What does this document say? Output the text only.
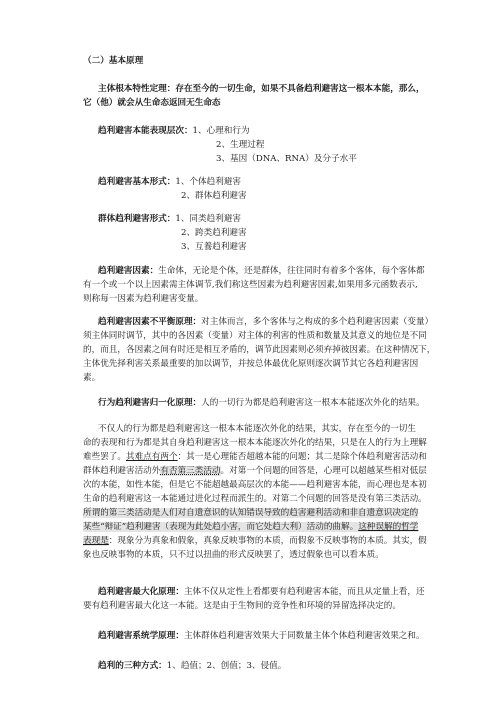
（二）基本原理
主体根本特性定理：存在至今的一切生命，如果不具备趋利避害这一根本本能，那么，
它（他）就会从生命态返回无生命态
趋利避害本能表现层次：1、心理和行为
2、生理过程
3、基因（DNA、RNA）及分子水平
趋利避害基本形式：1、个体趋利避害
2、群体趋利避害
群体趋利避害形式：1、同类趋利避害
2、跨类趋利避害
3、互養趋利避害
趋利避害因素：生命体，无论是个体，还是群体，往往同时有着多个客体，每个客体都
有一个或一个以上因素需主体调节,我们称这些因素为趋利避害因素,如果用多元函数表示,
则称每一因素为趋利避害变量。
趋利避害因素不平衡原理：对主体而言，多个客体与之构成的多个趋利避害因素（变量）
须主体同时调节，其中的各因素（变量）对主体的利害的性质和数量及其意义的地位是不同
的，而且，各因素之间有时还是相互矛盾的，调节此因素则必须弃掉彼因素。在这种情况下，
主体优先择利害关系最重要的加以调节，并按总体最优化原则逐次调节其它各趋利避害因
素。
行为趋利避害归一化原理：人的一切行为都是趋利避害这一根本本能逐次外化的结果。
不仅人的行为都是趋利避害这一根本本能逐次外化的结果，其实，存在至今的一切生
命的表现和行为都是其自身趋利避害这一根本本能逐次外化的结果，只是在人的行为上理解
难些罢了。其难点有两个：其一是心理能否超越本能的问题；其二是除个体趋利避害活动和
群体趋利避害活动外有否第三类活动。对第一个问题的回答是，心理可以超越某些相对低层
次的本能，如性本能，但是它不能超越最高层次的本能——趋利避害本能，而心理也是本初
生命的趋利避害这一本能通过进化过程而派生的。对第二个问题的回答是没有第三类活动。
所谓的第三类活动是人们对自遗意识的认知错误导致的趋害避利活动和非自遗意识决定的
某些“辩证”趋利避害（表现为此处趋小害，而它处趋大利）活动的曲解。这种误解的哲学
表现是：现象分为真象和假象，真象反映事物的本质，而假象不反映事物的本质。其实，假
象也反映事物的本质，只不过以扭曲的形式反映罢了，透过假象也可以看本质。
趋利避害最大化原理：主体不仅从定性上看都要有趋利避害本能，而且从定量上看，还
要有趋利避害最大化这一本能。这是由于生物间的竞争性和环境的异留选择决定的。
趋利避害系统学原理：主体群体趋利避害效果大于同数量主体个体趋利避害效果之和。
趋利的三种方式：1、趋值；2、创值；3、侵值。
